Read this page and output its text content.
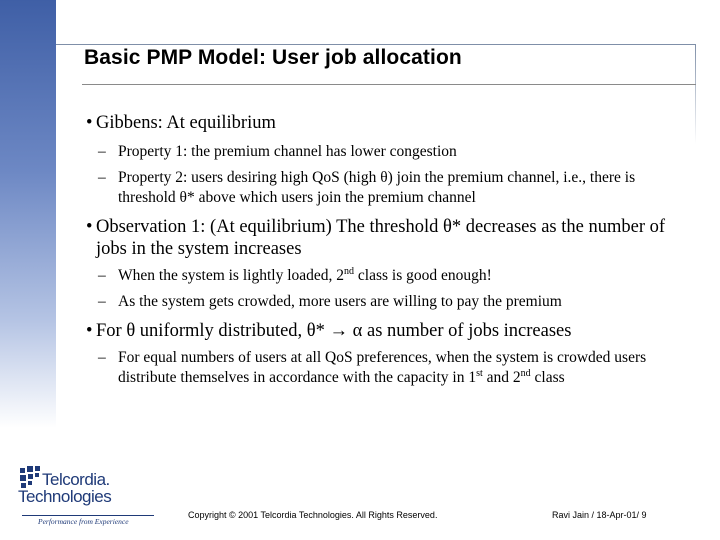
Basic PMP Model: User job allocation

• Gibbens: At equilibrium

– Property 1: the premium channel has lower congestion

– Property 2: users desiring high QoS (high θ) join the premium channel, i.e., there is threshold θ* above which users join the premium channel

• Observation 1: (At equilibrium) The threshold θ* decreases as the number of jobs in the system increases

– When the system is lightly loaded, 2nd class is good enough!

– As the system gets crowded, more users are willing to pay the premium

• For θ uniformly distributed, θ* → α as number of jobs increases

– For equal numbers of users at all QoS preferences, when the system is crowded users distribute themselves in accordance with the capacity in 1st and 2nd class

Telcordia.
Technologies
Performance from Experience
Copyright © 2001 Telcordia Technologies. All Rights Reserved.	Ravi Jain / 18-Apr-01/ 9
